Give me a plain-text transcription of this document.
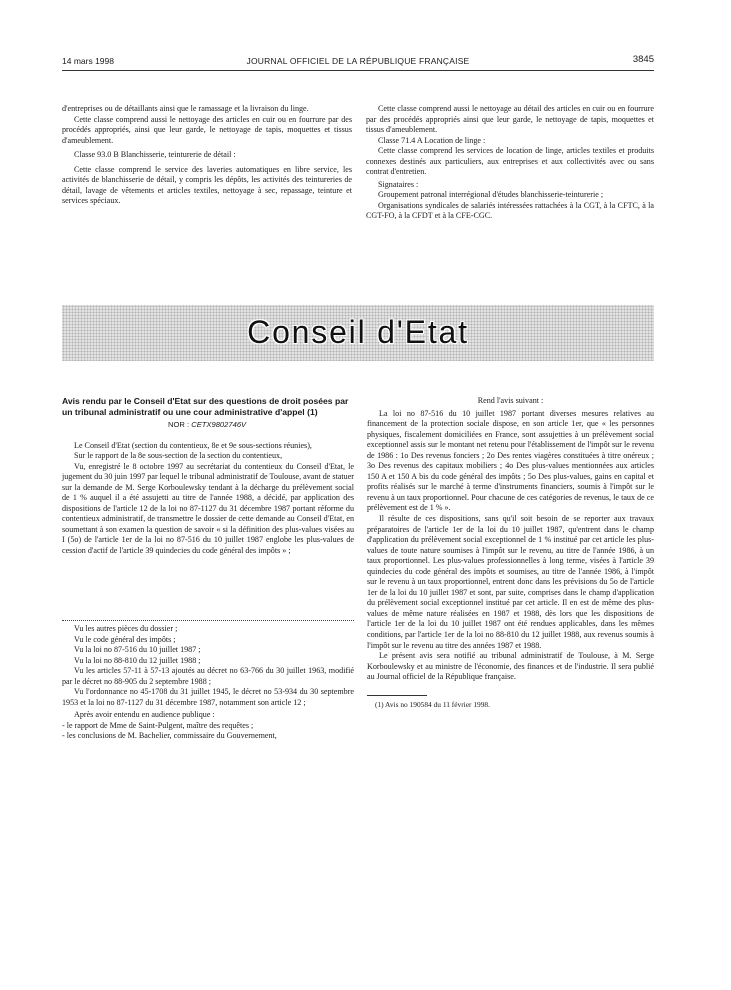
14 mars 1998	JOURNAL OFFICIEL DE LA RÉPUBLIQUE FRANÇAISE	3845

d'entreprises ou de détaillants ainsi que le ramassage et la livraison du linge.

Cette classe comprend aussi le nettoyage des articles en cuir ou en fourrure par des procédés appropriés, ainsi que leur garde, le nettoyage de tapis, moquettes et tissus d'ameublement.

Classe 93.0 B Blanchisserie, teinturerie de détail :

Cette classe comprend le service des laveries automatiques en libre service, les activités de blanchisserie de détail, y compris les dépôts, les activités des teintureries de détail, lavage de vêtements et articles textiles, nettoyage à sec, repassage, teinture et services spéciaux.

Cette classe comprend aussi le nettoyage au détail des articles en cuir ou en fourrure par des procédés appropriés ainsi que leur garde, le nettoyage de tapis, moquettes et tissus d'ameublement.

Classe 71.4 A Location de linge :

Cette classe comprend les services de location de linge, articles textiles et produits connexes destinés aux particuliers, aux entreprises et aux collectivités avec ou sans contrat d'entretien.

Signataires :

Groupement patronal interrégional d'études blanchisserie-teinturerie ;

Organisations syndicales de salariés intéressées rattachées à la CGT, à la CFTC, à la CGT-FO, à la CFDT et à la CFE-CGC.

Conseil d'Etat

Avis rendu par le Conseil d'Etat sur des questions de droit posées par un tribunal administratif ou une cour administrative d'appel (1)

NOR : CETX9802746V

Le Conseil d'Etat (section du contentieux, 8e et 9e sous-sections réunies),

Sur le rapport de la 8e sous-section de la section du contentieux,

Vu, enregistré le 8 octobre 1997 au secrétariat du contentieux du Conseil d'Etat, le jugement du 30 juin 1997 par lequel le tribunal administratif de Toulouse, avant de statuer sur la demande de M. Serge Korboulewsky tendant à la décharge du prélèvement social de 1 % auquel il a été assujetti au titre de l'année 1988, a décidé, par application des dispositions de l'article 12 de la loi no 87-1127 du 31 décembre 1987 portant réforme du contentieux administratif, de transmettre le dossier de cette demande au Conseil d'Etat, en soumettant à son examen la question de savoir « si la définition des plus-values visées au I (5o) de l'article 1er de la loi no 87-516 du 10 juillet 1987 englobe les plus-values de cession d'actif de l'article 39 quindecies du code général des impôts » ;

Vu les autres pièces du dossier ;

Vu le code général des impôts ;

Vu la loi no 87-516 du 10 juillet 1987 ;

Vu la loi no 88-810 du 12 juillet 1988 ;

Vu les articles 57-11 à 57-13 ajoutés au décret no 63-766 du 30 juillet 1963, modifié par le décret no 88-905 du 2 septembre 1988 ;

Vu l'ordonnance no 45-1708 du 31 juillet 1945, le décret no 53-934 du 30 septembre 1953 et la loi no 87-1127 du 31 décembre 1987, notamment son article 12 ;

Après avoir entendu en audience publique :

- le rapport de Mme de Saint-Pulgent, maître des requêtes ;

- les conclusions de M. Bachelier, commissaire du Gouvernement,

Rend l'avis suivant :

La loi no 87-516 du 10 juillet 1987 portant diverses mesures relatives au financement de la protection sociale dispose, en son article 1er, que « les personnes physiques, fiscalement domiciliées en France, sont assujetties à un prélèvement social exceptionnel assis sur le montant net retenu pour l'établissement de l'impôt sur le revenu de 1986 : 1o Des revenus fonciers ; 2o Des rentes viagères constituées à titre onéreux ; 3o Des revenus des capitaux mobiliers ; 4o Des plus-values mentionnées aux articles 150 A et 150 A bis du code général des impôts ; 5o Des plus-values, gains en capital et profits réalisés sur le marché à terme d'instruments financiers, soumis à l'impôt sur le revenu à un taux proportionnel. Pour chacune de ces catégories de revenus, le taux de ce prélèvement est de 1 % ».

Il résulte de ces dispositions, sans qu'il soit besoin de se reporter aux travaux préparatoires de l'article 1er de la loi du 10 juillet 1987, qu'entrent dans le champ d'application du prélèvement social exceptionnel de 1 % institué par cet article les plus-values de toute nature soumises à l'impôt sur le revenu, au titre de l'année 1986, à un taux proportionnel. Les plus-values professionnelles à long terme, visées à l'article 39 quindecies du code général des impôts et soumises, au titre de l'année 1986, à l'impôt sur le revenu à un taux proportionnel, entrent donc dans les prévisions du 5o de l'article 1er de la loi du 10 juillet 1987 et sont, par suite, comprises dans le champ d'application du prélèvement social exceptionnel institué par cet article. Il en est de même des plus-values de même nature réalisées en 1987 et 1988, dès lors que les dispositions de l'article 1er de la loi du 10 juillet 1987 ont été rendues applicables, dans les mêmes conditions, par l'article 1er de la loi no 88-810 du 12 juillet 1988, aux revenus soumis à l'impôt sur le revenu au titre des années 1987 et 1988.

Le présent avis sera notifié au tribunal administratif de Toulouse, à M. Serge Korboulewsky et au ministre de l'économie, des finances et de l'industrie. Il sera publié au Journal officiel de la République française.

(1) Avis no 190584 du 11 février 1998.
